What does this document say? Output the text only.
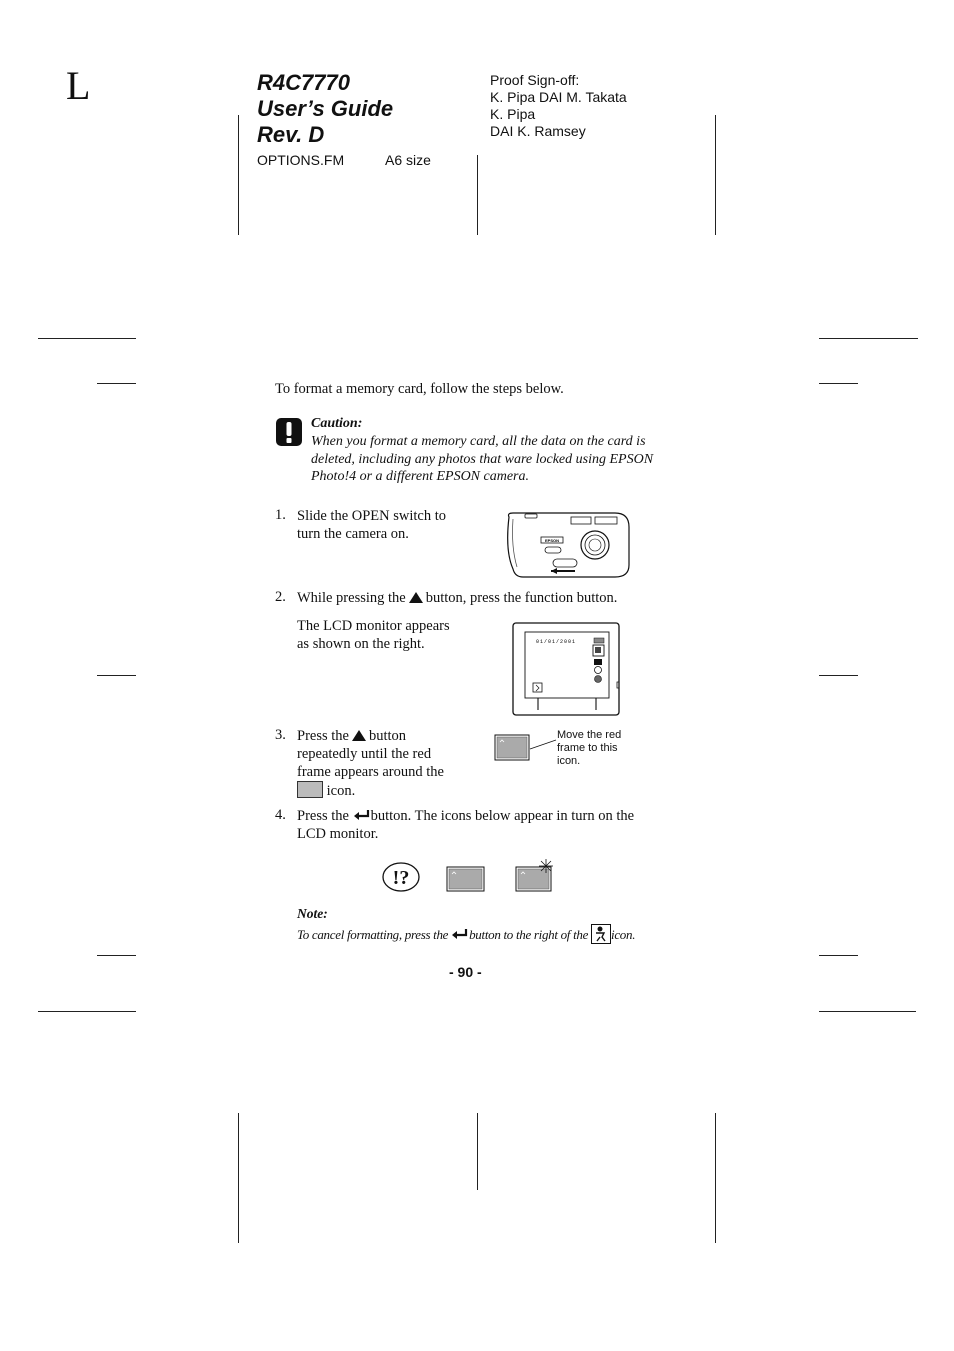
L	R4C7770
User’s Guide
Rev. D
OPTIONS.FM	A6 size
Proof Sign-off:
K. Pipa DAI M. Takata
K. Pipa
DAI K. Ramsey
To format a memory card, follow the steps below.
Caution:
When you format a memory card, all the data on the card is
deleted, including any photos that ware locked using EPSON
Photo!4 or a different EPSON camera.
1. Slide the OPEN switch to
turn the camera on.	EPSON
2. While pressing the button, press the function button.
The LCD monitor appears
as shown on the right.	01/01/2001
3. Press the button
repeatedly until the red
frame appears around the
icon.
Move the red
frame to this
icon.
4. Press the button. The icons below appear in turn on the
LCD monitor.
!?
Note:
To cancel formatting, press the button to the right of the icon.
- 90 -
